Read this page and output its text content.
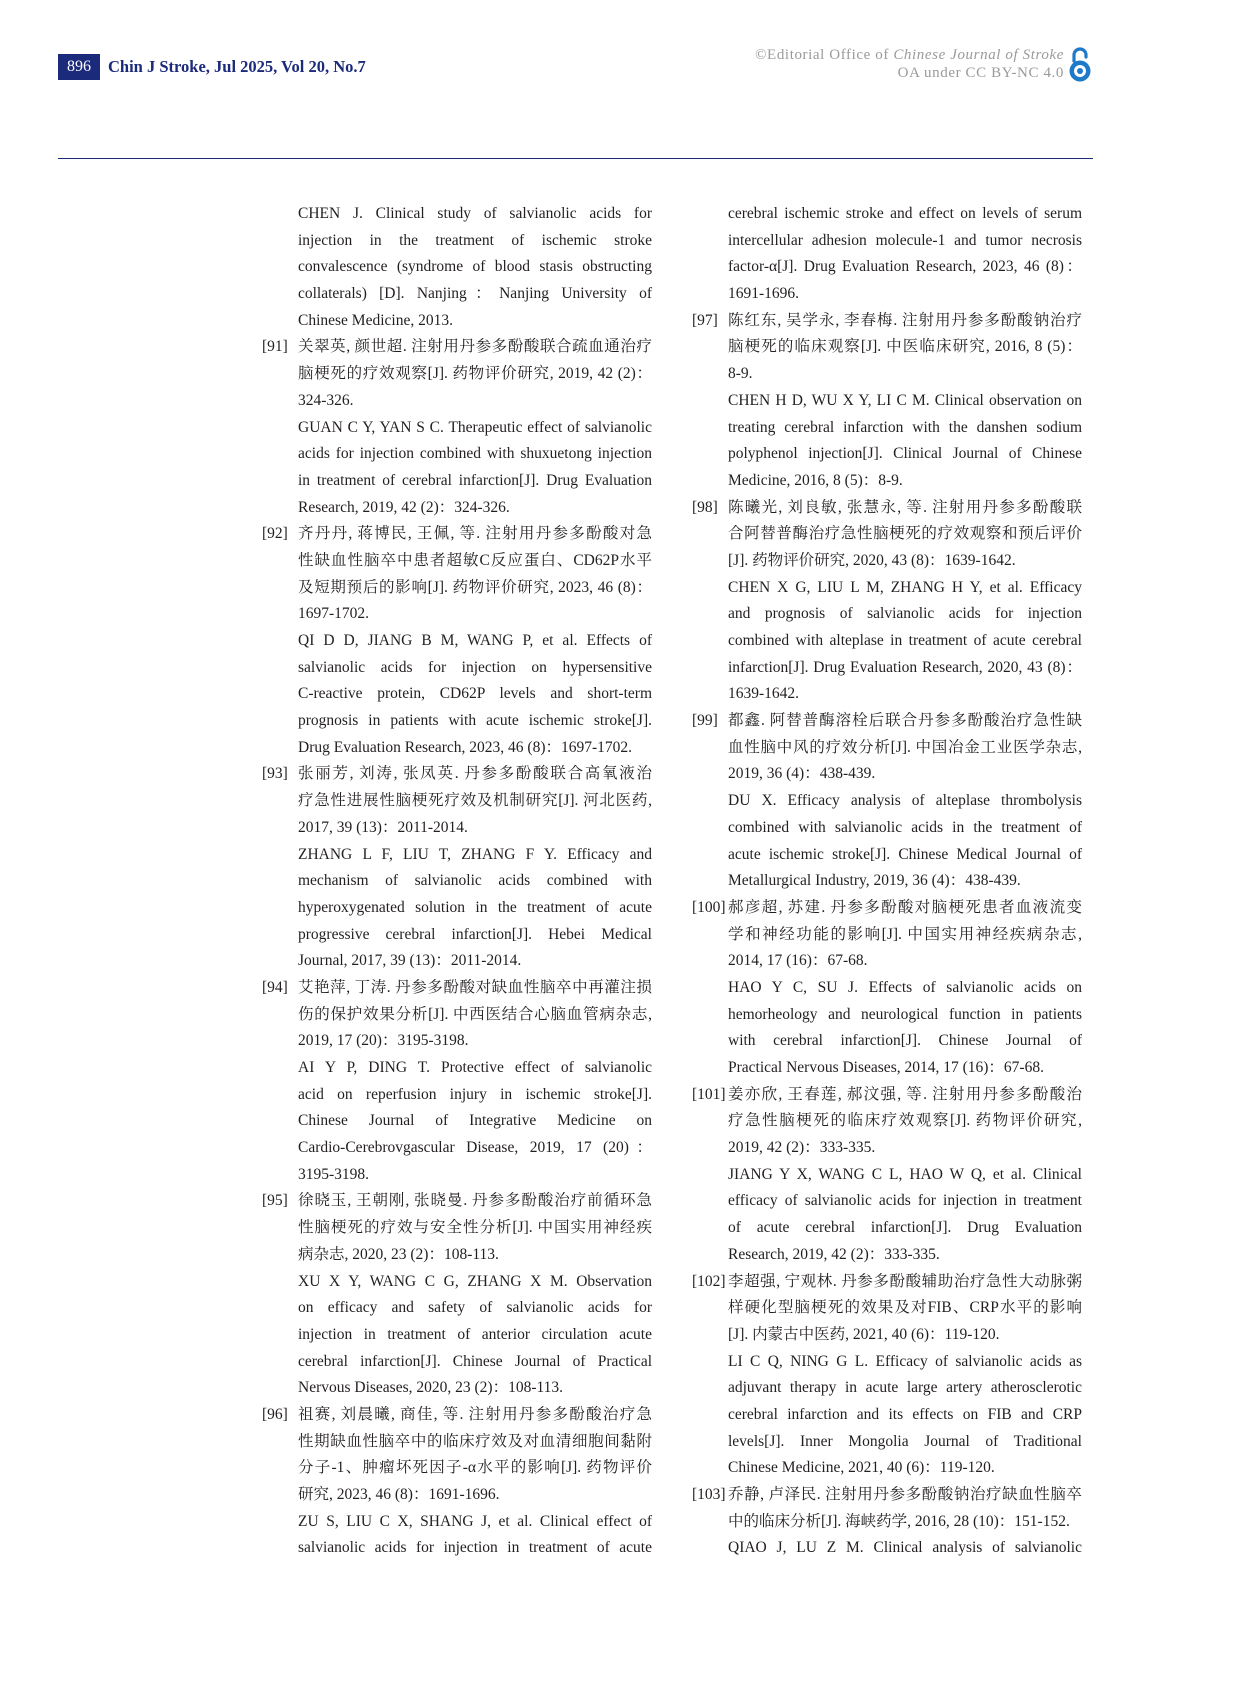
896	Chin J Stroke, Jul 2025, Vol 20, No.7
©Editorial Office of Chinese Journal of Stroke
OA under CC BY-NC 4.0
CHEN J. Clinical study of salvianolic acids for
injection in the treatment of ischemic stroke
convalescence (syndrome of blood stasis obstructing
collaterals) [D]. Nanjing：Nanjing University of
Chinese Medicine, 2013.
[91] 关翠英, 颜世超. 注射用丹参多酚酸联合疏血通治疗
脑梗死的疗效观察[J]. 药物评价研究, 2019, 42 (2)：
324-326.
GUAN C Y, YAN S C. Therapeutic effect of salvianolic
acids for injection combined with shuxuetong injection
in treatment of cerebral infarction[J]. Drug Evaluation
Research, 2019, 42 (2)：324-326.
[92] 齐丹丹, 蒋博民, 王佩, 等. 注射用丹参多酚酸对急
性缺血性脑卒中患者超敏C反应蛋白、CD62P水平
及短期预后的影响[J]. 药物评价研究, 2023, 46 (8)：
1697-1702.
QI D D, JIANG B M, WANG P, et al. Effects of
salvianolic acids for injection on hypersensitive
C-reactive protein, CD62P levels and short-term
prognosis in patients with acute ischemic stroke[J].
Drug Evaluation Research, 2023, 46 (8)：1697-1702.
[93] 张丽芳, 刘涛, 张凤英. 丹参多酚酸联合高氧液治
疗急性进展性脑梗死疗效及机制研究[J]. 河北医药,
2017, 39 (13)：2011-2014.
ZHANG L F, LIU T, ZHANG F Y. Efficacy and
mechanism of salvianolic acids combined with
hyperoxygenated solution in the treatment of acute
progressive cerebral infarction[J]. Hebei Medical
Journal, 2017, 39 (13)：2011-2014.
[94] 艾艳萍, 丁涛. 丹参多酚酸对缺血性脑卒中再灌注损
伤的保护效果分析[J]. 中西医结合心脑血管病杂志,
2019, 17 (20)：3195-3198.
AI Y P, DING T. Protective effect of salvianolic
acid on reperfusion injury in ischemic stroke[J].
Chinese Journal of Integrative Medicine on
Cardio-Cerebrovgascular Disease, 2019, 17 (20)：
3195-3198.
[95] 徐晓玉, 王朝刚, 张晓曼. 丹参多酚酸治疗前循环急
性脑梗死的疗效与安全性分析[J]. 中国实用神经疾
病杂志, 2020, 23 (2)：108-113.
XU X Y, WANG C G, ZHANG X M. Observation
on efficacy and safety of salvianolic acids for
injection in treatment of anterior circulation acute
cerebral infarction[J]. Chinese Journal of Practical
Nervous Diseases, 2020, 23 (2)：108-113.
[96] 祖赛, 刘晨曦, 商佳, 等. 注射用丹参多酚酸治疗急
性期缺血性脑卒中的临床疗效及对血清细胞间黏附
分子-1、肿瘤坏死因子-α水平的影响[J]. 药物评价
研究, 2023, 46 (8)：1691-1696.
ZU S, LIU C X, SHANG J, et al. Clinical effect of
salvianolic acids for injection in treatment of acute
cerebral ischemic stroke and effect on levels of serum
intercellular adhesion molecule-1 and tumor necrosis
factor-α[J]. Drug Evaluation Research, 2023, 46 (8)：
1691-1696.
[97] 陈红东, 吴学永, 李春梅. 注射用丹参多酚酸钠治疗
脑梗死的临床观察[J]. 中医临床研究, 2016, 8 (5)：
8-9.
CHEN H D, WU X Y, LI C M. Clinical observation on
treating cerebral infarction with the danshen sodium
polyphenol injection[J]. Clinical Journal of Chinese
Medicine, 2016, 8 (5)：8-9.
[98] 陈曦光, 刘良敏, 张慧永, 等. 注射用丹参多酚酸联
合阿替普酶治疗急性脑梗死的疗效观察和预后评价
[J]. 药物评价研究, 2020, 43 (8)：1639-1642.
CHEN X G, LIU L M, ZHANG H Y, et al. Efficacy
and prognosis of salvianolic acids for injection
combined with alteplase in treatment of acute cerebral
infarction[J]. Drug Evaluation Research, 2020, 43 (8)：
1639-1642.
[99] 都鑫. 阿替普酶溶栓后联合丹参多酚酸治疗急性缺
血性脑中风的疗效分析[J]. 中国冶金工业医学杂志,
2019, 36 (4)：438-439.
DU X. Efficacy analysis of alteplase thrombolysis
combined with salvianolic acids in the treatment of
acute ischemic stroke[J]. Chinese Medical Journal of
Metallurgical Industry, 2019, 36 (4)：438-439.
[100] 郝彦超, 苏建. 丹参多酚酸对脑梗死患者血液流变
学和神经功能的影响[J]. 中国实用神经疾病杂志,
2014, 17 (16)：67-68.
HAO Y C, SU J. Effects of salvianolic acids on
hemorheology and neurological function in patients
with cerebral infarction[J]. Chinese Journal of
Practical Nervous Diseases, 2014, 17 (16)：67-68.
[101] 姜亦欣, 王春莲, 郝汶强, 等. 注射用丹参多酚酸治
疗急性脑梗死的临床疗效观察[J]. 药物评价研究,
2019, 42 (2)：333-335.
JIANG Y X, WANG C L, HAO W Q, et al. Clinical
efficacy of salvianolic acids for injection in treatment
of acute cerebral infarction[J]. Drug Evaluation
Research, 2019, 42 (2)：333-335.
[102] 李超强, 宁观林. 丹参多酚酸辅助治疗急性大动脉粥
样硬化型脑梗死的效果及对FIB、CRP水平的影响
[J]. 内蒙古中医药, 2021, 40 (6)：119-120.
LI C Q, NING G L. Efficacy of salvianolic acids as
adjuvant therapy in acute large artery atherosclerotic
cerebral infarction and its effects on FIB and CRP
levels[J]. Inner Mongolia Journal of Traditional
Chinese Medicine, 2021, 40 (6)：119-120.
[103] 乔静, 卢泽民. 注射用丹参多酚酸钠治疗缺血性脑卒
中的临床分析[J]. 海峡药学, 2016, 28 (10)：151-152.
QIAO J, LU Z M. Clinical analysis of salvianolic
